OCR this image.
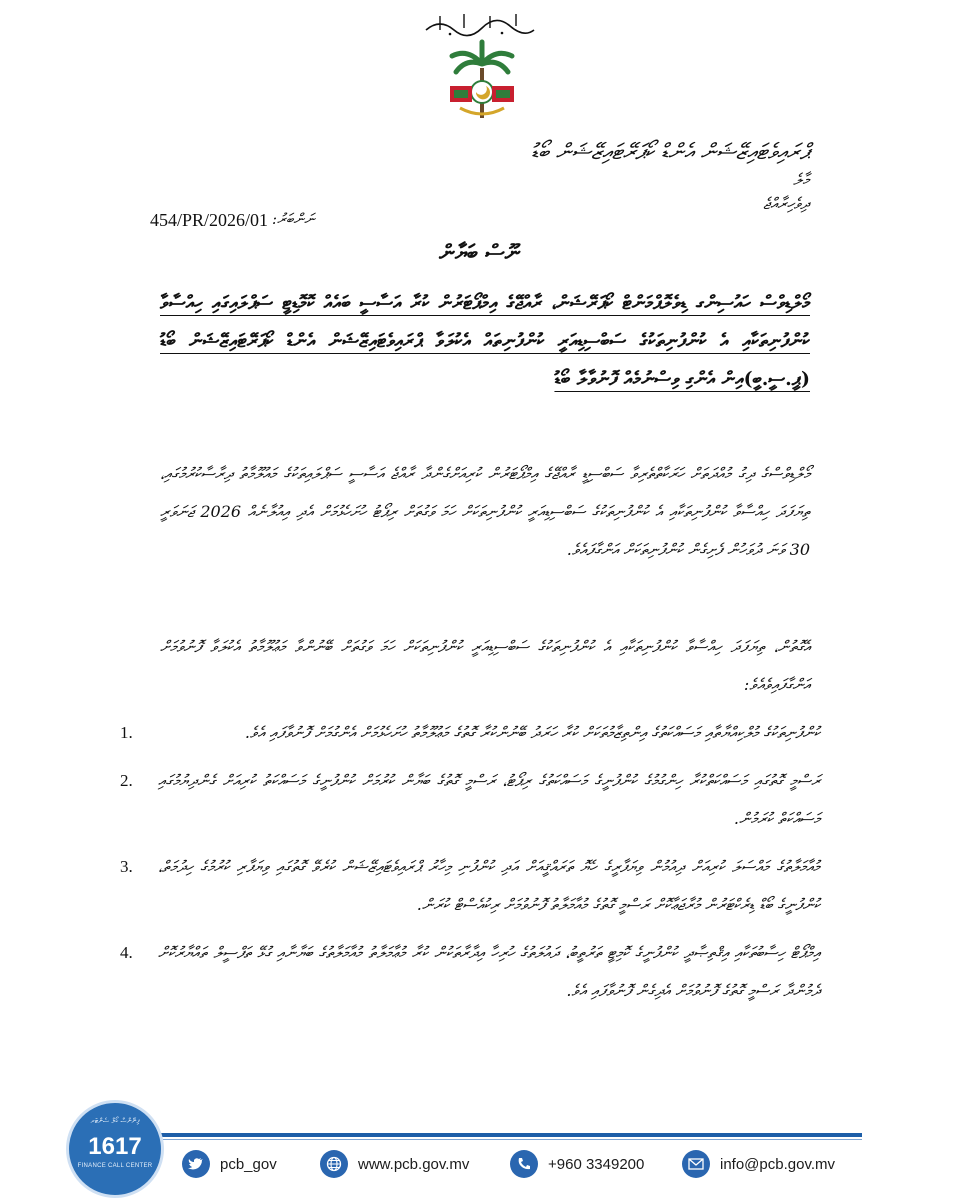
ޕްރައިވެޓައިޒޭޝަން އެންޑް ކޯޕަރޭޓައިޒޭޝަން ބޯޑު
މާލެ
ދިވެހިރާއްޖެ
454/PR/2026/01 ނަންބަރު:
ނޫސް ބަޔާން
މޯލްޑިވްސް ހައުސިންގ ޑިވެލޮޕްމަންޓް ކޯޕަރޭޝަން، ރާއްޖޭގެ އިމްޕޯޓަރުން ކުރާ އަސާސީ ބައެއް ކޮމޮޑިޓީ ސަޕްލައިގައި ހިއްސާވާ ކުންފުނިތަކާއި އެ ކުންފުނިތަކުގެ ސަބްސިޑިއަރީ ކުންފުނިތައް އެކުލަވާ ޕްރައިވެޓައިޒޭޝަން އެންޑް ކޯޕަރޭޓައިޒޭޝަން ބޯޑު (ޕީ.ސީ.ބީ)އިން އެންގި ވިސްނުމެއް ފޮނުވާލާ ބޯޑު
މޯލްޑިވްސްގެ ދިގު މުއްދަތަށް ހަރަކާތްތެރިވާ ސަބްސިޑީ ރާއްޖޭގެ އިމްޕޯޓަރުން ކުރިއަށްގެންދާ ރާއްޖެ އަސާސީ ސަޕްލައިތަކުގެ މައުލޫމާތު ދިރާސާކުރުމުގައި، ތިޔަފަދަ ހިއްސާވާ ކުންފުނިތަކާއި އެ ކުންފުނިތަކުގެ ސަބްސިޑިއަރީ ކުންފުނިތަކަށް ހަމަ ވަގުތަށް ރިޕޯޓު ހުށަހެޅުމަށް އެދި އިއުލާނެއް 2026 ޖަނަވަރީ 30 ވަނަ ދުވަހުން ފެށިގެން ކުންފުނިތަކަށް އަންގާފައެވެ.
އެގޮތުން، ތިޔަފަދަ ހިއްސާވާ ކުންފުނިތަކާއި އެ ކުންފުނިތަކުގެ ސަބްސިޑިއަރީ ކުންފުނިތަކަށް ހަމަ ވަގުތަށް ބޭނުންވާ މަޢުލޫމާތު އެކުލަވާ ފޮނުވުމަށް އަންގާފައިވެއެވެ:
1.	ކުންފުނިތަކުގެ މުލްކިއްޔާތާއި މަސައްކަތުގެ އިންތިޒާމުތަކަށް ކުރާ ހަރަދު ބޭނުންކުރާ ގޮތުގެ މަޢުލޫމާތު ހުށަހެޅުމަށް އެންގުމަށް ފޮނުވާފައި އެވެ.
2. ރަސްމީ ގޮތުގައި މަސައްކަތްކުރާ ހިންގުމުގެ ކުންފުނީގެ މަސައްކަތުގެ ރިޕޯޓު، ރަސްމީ ގޮތުގެ ބަޔާން ކުރުމަށް ކުންފުނީގެ މަސައްކަތު ކުރިއަށް ގެންދިޔުމުގައި މަސައްކަތް ކުރަމުން.
3. މުއާމަލާތުގެ މައްސަލަ ކުރިއަށް ދިއުމުން ވިޔަފާރީގެ ހެޔޮ ތަރައްޤީއަށް އަދި ކުންފުނި މިހާރު ޕްރައިވެޓައިޒޭޝަން ކުރެވޭ ގޮތުގައި ވިޔަފާރި ކުރުމުގެ ހިދުމަތް، ކުންފުނީގެ ބޯޑް ޑިރެކްޓަރުން މުރާޖަޢާކޮށް ރަސްމީ ގޮތުގެ މުއާމަލާތު ފޮނުވުމަށް ރިކުއެސްޓް ކުރަން.
4. އިމްޕޯޓް ހިސާބުތަކާއި އިޤްތިޞާދީ ކުންފުނީގެ ކޮމިޓީ ތަރުތީބު، ދައުލަތުގެ ހުރިހާ އިދާރާތަކުން ކުރާ މުޢާމަލާތު މުއާމަލާތުގެ ބަޔާނާއި ގުޅޭ ތަފްސީލް ތައްޔާރުކޮށް ދެމުންދާ ރަސްމީ ގޮތުގެ ފޮނުވުމަށް އެދިގެން ފޮނުވާފައި އެވެ.
ފިނޭންސް ކޯލް ސެންޓަރ
1617
FINANCE CALL CENTER	pcb_gov	www.pcb.gov.mv	+960 3349200	info@pcb.gov.mv
